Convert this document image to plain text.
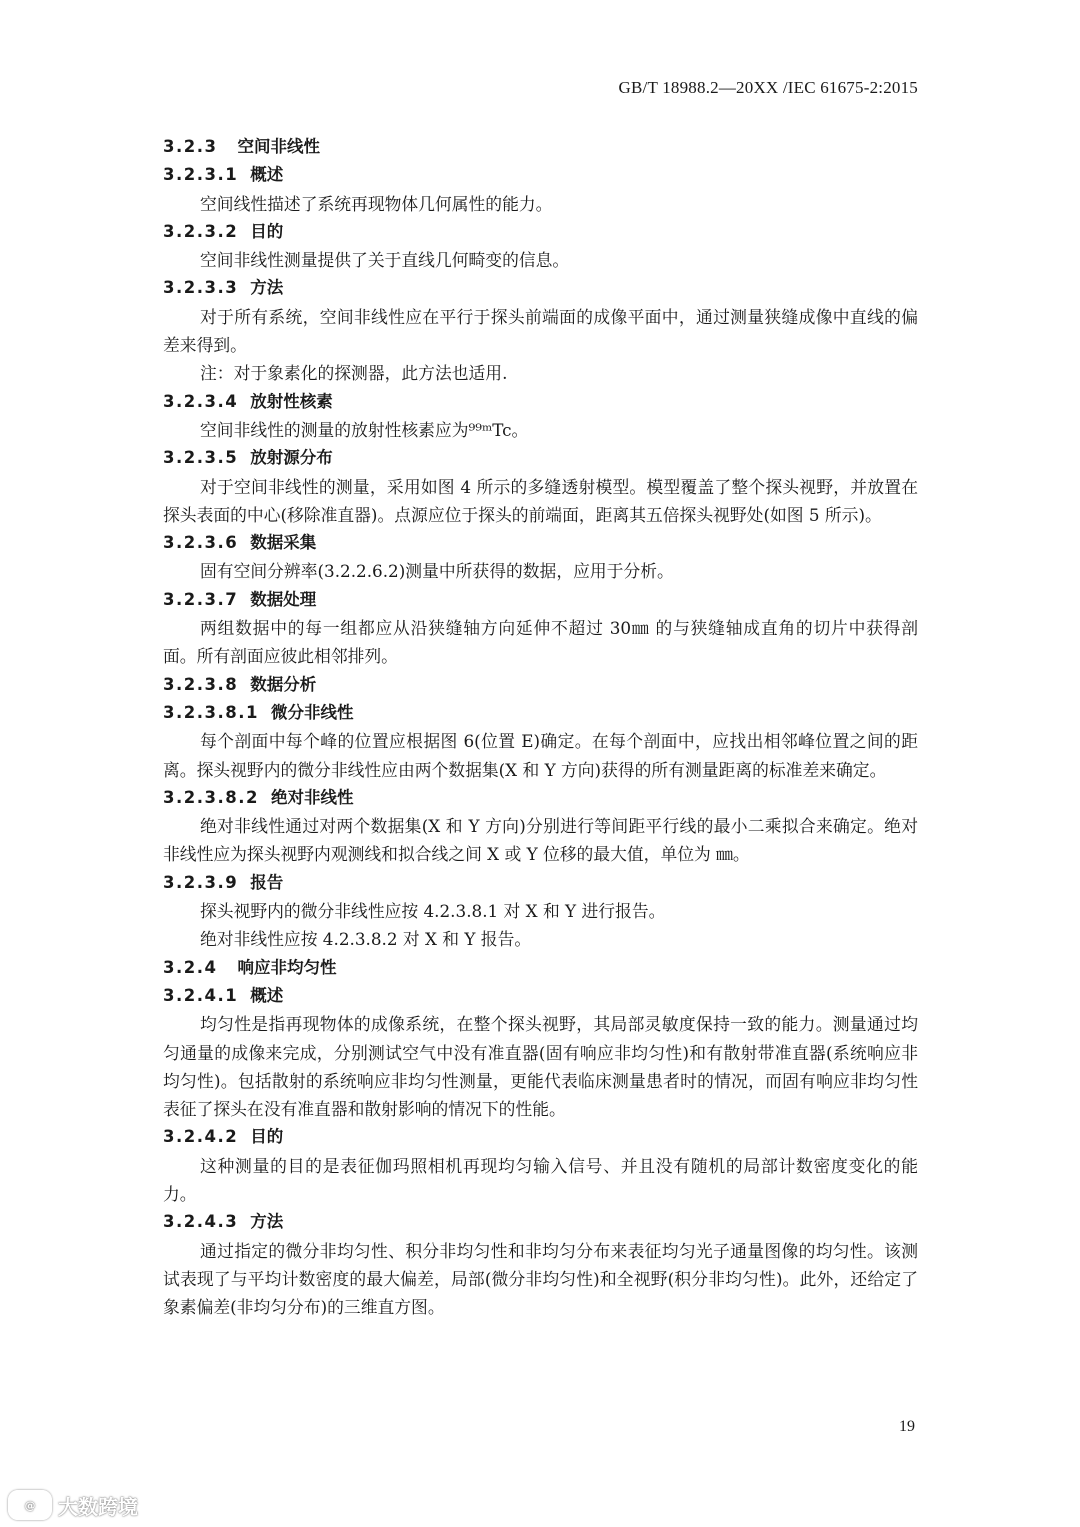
GB/T 18988.2—20XX /IEC 61675-2:2015
3.2.3 空间非线性
3.2.3.1 概述
空间线性描述了系统再现物体几何属性的能力。
3.2.3.2 目的
空间非线性测量提供了关于直线几何畸变的信息。
3.2.3.3 方法
对于所有系统，空间非线性应在平行于探头前端面的成像平面中，通过测量狭缝成像中直线的偏差来得到。
注：对于象素化的探测器，此方法也适用.
3.2.3.4 放射性核素
空间非线性的测量的放射性核素应为⁹⁹ᵐTc。
3.2.3.5 放射源分布
对于空间非线性的测量，采用如图 4 所示的多缝透射模型。模型覆盖了整个探头视野，并放置在探头表面的中心(移除准直器)。点源应位于探头的前端面，距离其五倍探头视野处(如图 5 所示)。
3.2.3.6 数据采集
固有空间分辨率(3.2.2.6.2)测量中所获得的数据，应用于分析。
3.2.3.7 数据处理
两组数据中的每一组都应从沿狭缝轴方向延伸不超过 30㎜ 的与狭缝轴成直角的切片中获得剖面。所有剖面应彼此相邻排列。
3.2.3.8 数据分析
3.2.3.8.1 微分非线性
每个剖面中每个峰的位置应根据图 6(位置 E)确定。在每个剖面中，应找出相邻峰位置之间的距离。探头视野内的微分非线性应由两个数据集(X 和 Y 方向)获得的所有测量距离的标准差来确定。
3.2.3.8.2 绝对非线性
绝对非线性通过对两个数据集(X 和 Y 方向)分别进行等间距平行线的最小二乘拟合来确定。绝对非线性应为探头视野内观测线和拟合线之间 X 或 Y 位移的最大值，单位为 ㎜。
3.2.3.9 报告
探头视野内的微分非线性应按 4.2.3.8.1 对 X 和 Y 进行报告。
绝对非线性应按 4.2.3.8.2 对 X 和 Y 报告。
3.2.4 响应非均匀性
3.2.4.1 概述
均匀性是指再现物体的成像系统，在整个探头视野，其局部灵敏度保持一致的能力。测量通过均匀通量的成像来完成，分别测试空气中没有准直器(固有响应非均匀性)和有散射带准直器(系统响应非均匀性)。包括散射的系统响应非均匀性测量，更能代表临床测量患者时的情况，而固有响应非均匀性表征了探头在没有准直器和散射影响的情况下的性能。
3.2.4.2 目的
这种测量的目的是表征伽玛照相机再现均匀输入信号、并且没有随机的局部计数密度变化的能力。
3.2.4.3 方法
通过指定的微分非均匀性、积分非均匀性和非均匀分布来表征均匀光子通量图像的均匀性。该测试表现了与平均计数密度的最大偏差，局部(微分非均匀性)和全视野(积分非均匀性)。此外，还给定了象素偏差(非均匀分布)的三维直方图。
19
@	大数跨境
